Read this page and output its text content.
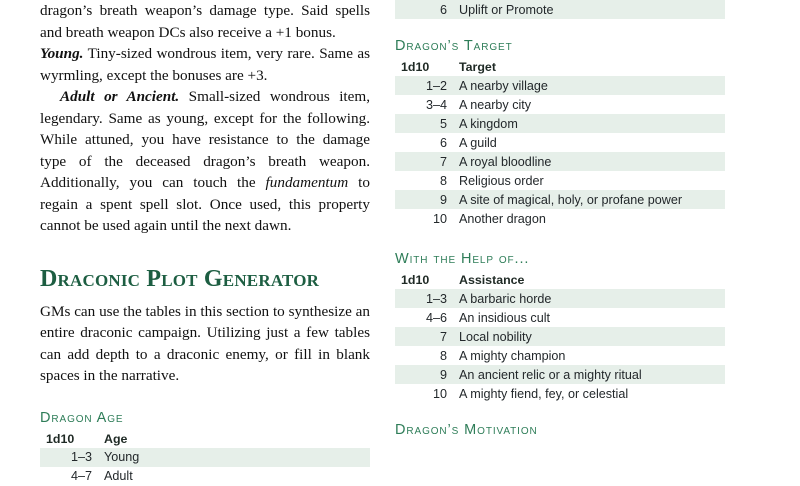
dragon’s breath weapon’s damage type. Said spells and breath weapon DCs also receive a +1 bonus.

Young. Tiny-sized wondrous item, very rare. Same as wyrmling, except the bonuses are +3.

Adult or Ancient. Small-sized wondrous item, legendary. Same as young, except for the following. While attuned, you have resistance to the damage type of the deceased dragon’s breath weapon. Additionally, you can touch the fundamentum to regain a spent spell slot. Once used, this property cannot be used again until the next dawn.

Draconic Plot Generator

GMs can use the tables in this section to synthesize an entire draconic campaign. Utilizing just a few tables can add depth to a draconic enemy, or fill in blank spaces in the narrative.

Dragon Age
1d10	Age
1–3	Young
4–7	Adult
6	Uplift or Promote
Dragon’s Target
1d10	Target
1–2	A nearby village
3–4	A nearby city
5	A kingdom
6	A guild
7	A royal bloodline
8	Religious order
9	A site of magical, holy, or profane power
10	Another dragon
With the Help of...
1d10	Assistance
1–3	A barbaric horde
4–6	An insidious cult
7	Local nobility
8	A mighty champion
9	An ancient relic or a mighty ritual
10	A mighty fiend, fey, or celestial
Dragon’s Motivation
